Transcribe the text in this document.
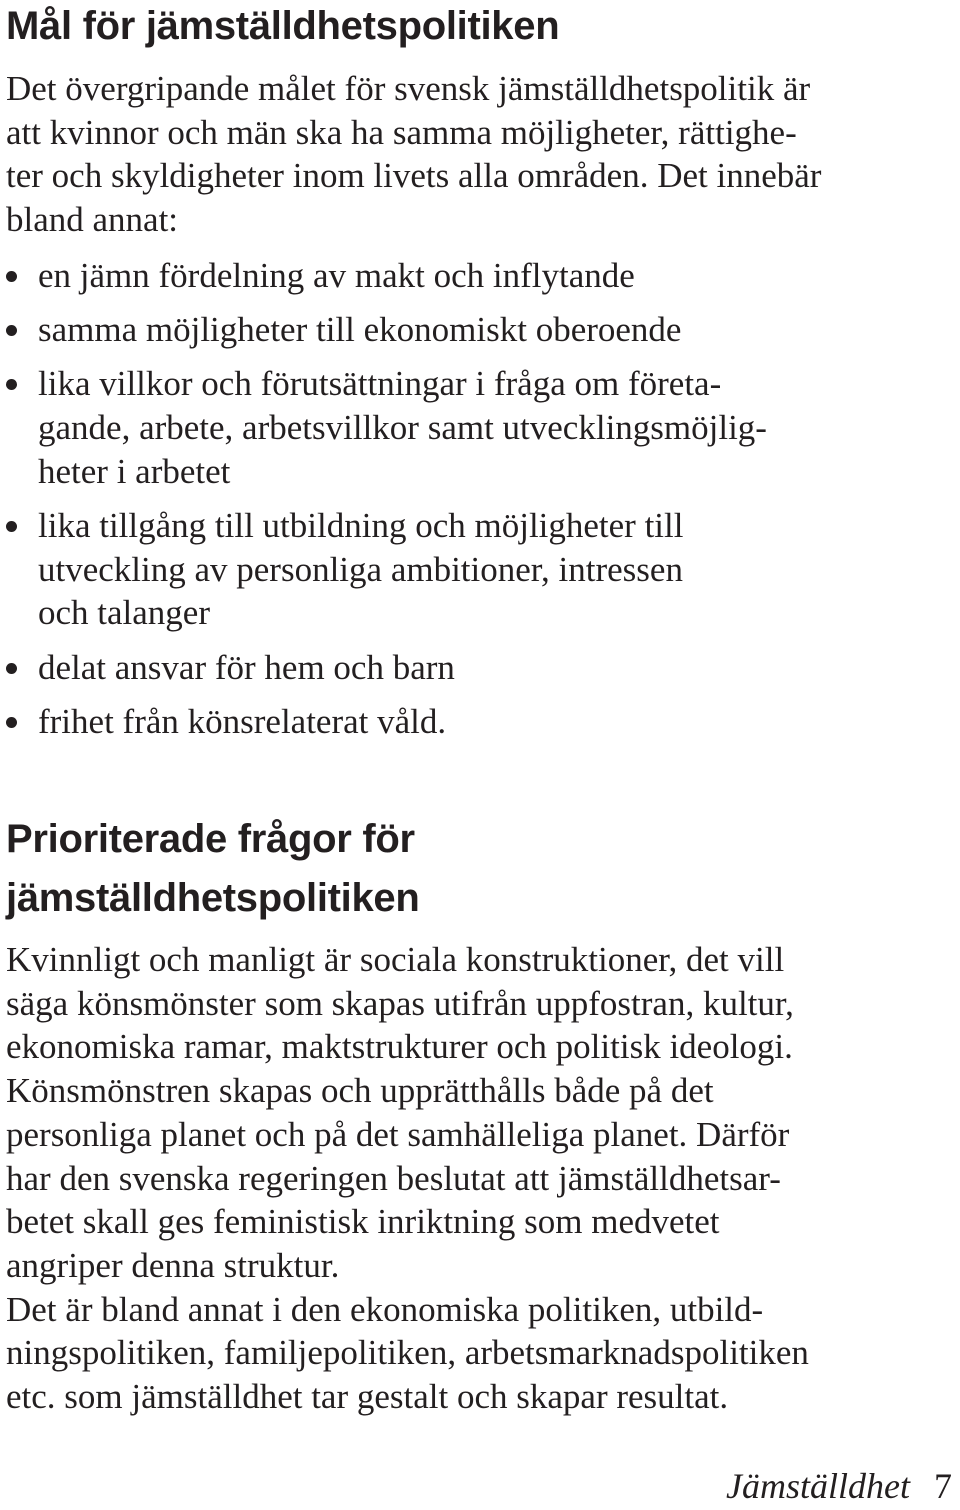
Mål för jämställdhetspolitiken

Det övergripande målet för svensk jämställdhetspolitik är
att kvinnor och män ska ha samma möjligheter, rättighe-
ter och skyldigheter inom livets alla områden. Det innebär
bland annat:

en jämn fördelning av makt och inflytande
samma möjligheter till ekonomiskt oberoende
lika villkor och förutsättningar i fråga om företa-
gande, arbete, arbetsvillkor samt utvecklingsmöjlig-
heter i arbetet
lika tillgång till utbildning och möjligheter till
utveckling av personliga ambitioner, intressen
och talanger
delat ansvar för hem och barn
frihet från könsrelaterat våld.
Prioriterade frågor för
jämställdhetspolitiken

Kvinnligt och manligt är sociala konstruktioner, det vill
säga könsmönster som skapas utifrån uppfostran, kultur,
ekonomiska ramar, maktstrukturer och politisk ideologi.
Könsmönstren skapas och upprätthålls både på det
personliga planet och på det samhälleliga planet. Därför
har den svenska regeringen beslutat att jämställdhetsar-
betet skall ges feministisk inriktning som medvetet
angriper denna struktur.
Det är bland annat i den ekonomiska politiken, utbild-
ningspolitiken, familjepolitiken, arbetsmarknadspolitiken
etc. som jämställdhet tar gestalt och skapar resultat.

Jämställdhet 7
